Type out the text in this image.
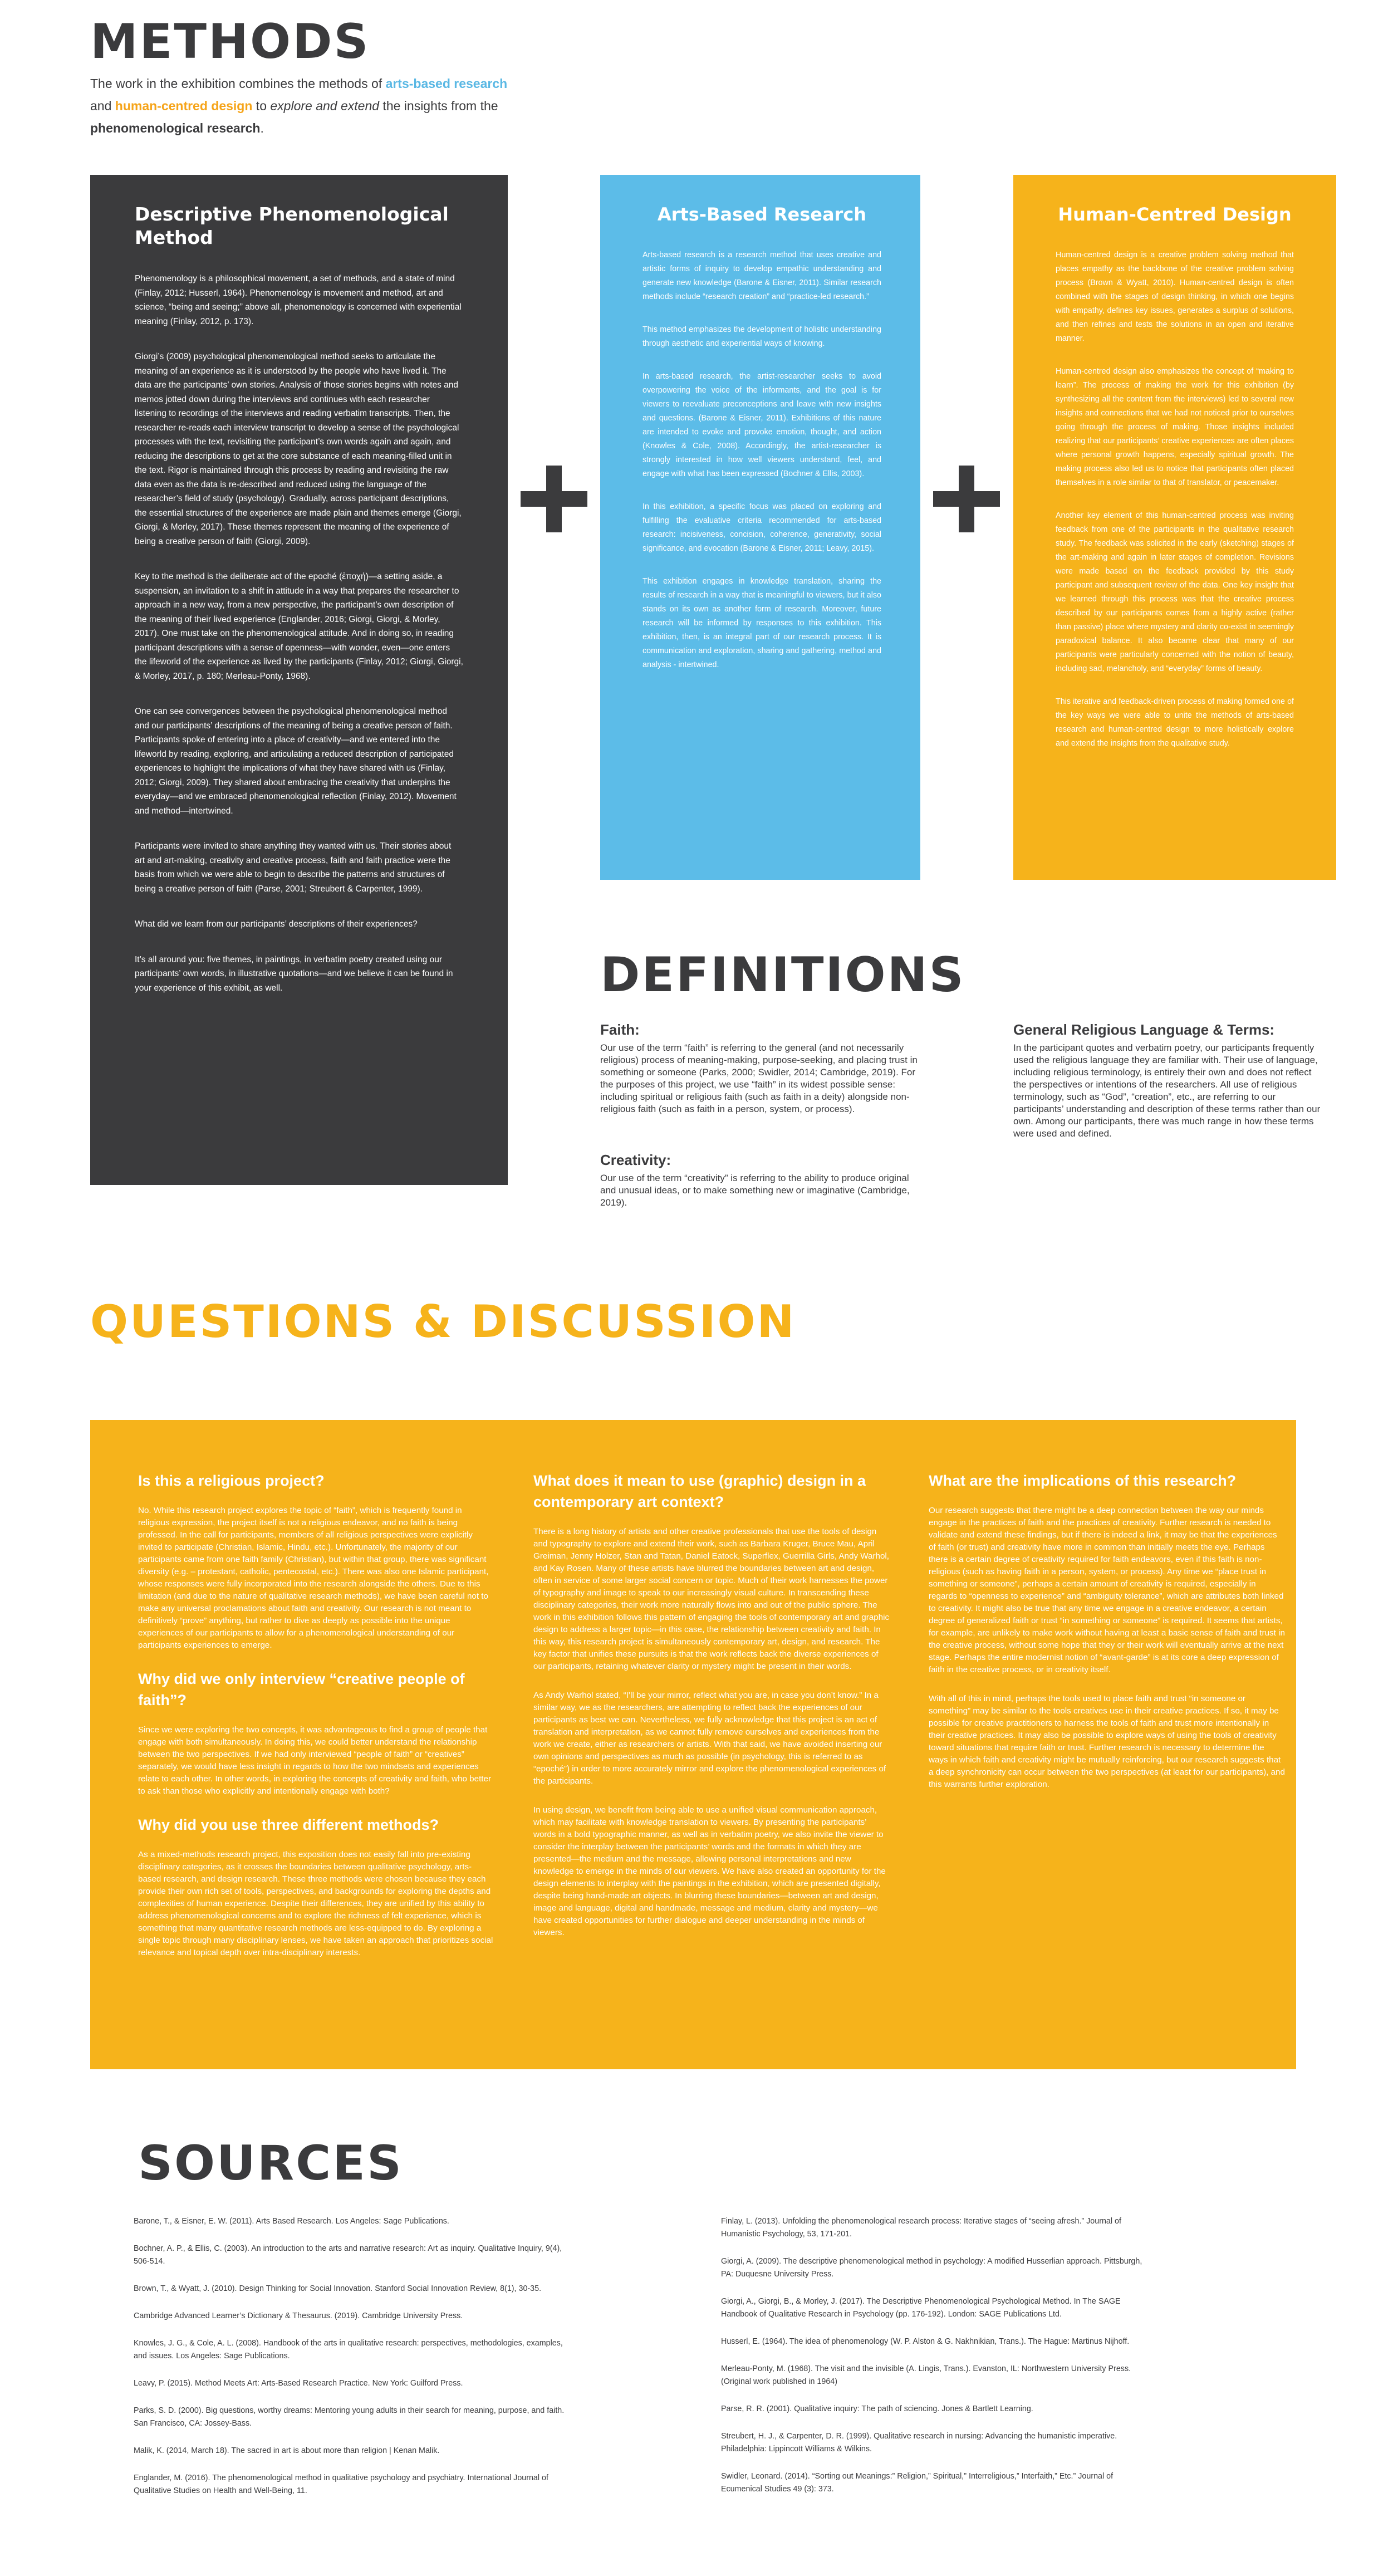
METHODS
The work in the exhibition combines the methods of arts-based research
and human-centred design to explore and extend the insights from the
phenomenological research.
Descriptive Phenomenological Method

Phenomenology is a philosophical movement, a set of methods, and a state of mind (Finlay, 2012; Husserl, 1964). Phenomenology is movement and method, art and science, “being and seeing;” above all, phenomenology is concerned with experiential meaning (Finlay, 2012, p. 173).

Giorgi’s (2009) psychological phenomenological method seeks to articulate the meaning of an experience as it is understood by the people who have lived it. The data are the participants’ own stories. Analysis of those stories begins with notes and memos jotted down during the interviews and continues with each researcher listening to recordings of the interviews and reading verbatim transcripts. Then, the researcher re-reads each interview transcript to develop a sense of the psychological processes with the text, revisiting the participant’s own words again and again, and reducing the descriptions to get at the core substance of each meaning-filled unit in the text. Rigor is maintained through this process by reading and revisiting the raw data even as the data is re-described and reduced using the language of the researcher’s field of study (psychology). Gradually, across participant descriptions, the essential structures of the experience are made plain and themes emerge (Giorgi, Giorgi, & Morley, 2017). These themes represent the meaning of the experience of being a creative person of faith (Giorgi, 2009).

Key to the method is the deliberate act of the epoché (ἐποχή)—a setting aside, a suspension, an invitation to a shift in attitude in a way that prepares the researcher to approach in a new way, from a new perspective, the participant’s own description of the meaning of their lived experience (Englander, 2016; Giorgi, Giorgi, & Morley, 2017). One must take on the phenomenological attitude. And in doing so, in reading participant descriptions with a sense of openness—with wonder, even—one enters the lifeworld of the experience as lived by the participants (Finlay, 2012; Giorgi, Giorgi, & Morley, 2017, p. 180; Merleau-Ponty, 1968).

One can see convergences between the psychological phenomenological method and our participants’ descriptions of the meaning of being a creative person of faith. Participants spoke of entering into a place of creativity—and we entered into the lifeworld by reading, exploring, and articulating a reduced description of participated experiences to highlight the implications of what they have shared with us (Finlay, 2012; Giorgi, 2009). They shared about embracing the creativity that underpins the everyday—and we embraced phenomenological reflection (Finlay, 2012). Movement and method—intertwined.

Participants were invited to share anything they wanted with us. Their stories about art and art-making, creativity and creative process, faith and faith practice were the basis from which we were able to begin to describe the patterns and structures of being a creative person of faith (Parse, 2001; Streubert & Carpenter, 1999).

What did we learn from our participants’ descriptions of their experiences?

It’s all around you: five themes, in paintings, in verbatim poetry created using our participants’ own words, in illustrative quotations—and we believe it can be found in your experience of this exhibit, as well.

Arts-Based Research

Arts-based research is a research method that uses creative and artistic forms of inquiry to develop empathic understanding and generate new knowledge (Barone & Eisner, 2011). Similar research methods include “research creation” and “practice-led research.”

This method emphasizes the development of holistic understanding through aesthetic and experiential ways of knowing.

In arts-based research, the artist-researcher seeks to avoid overpowering the voice of the informants, and the goal is for viewers to reevaluate preconceptions and leave with new insights and questions. (Barone & Eisner, 2011). Exhibitions of this nature are intended to evoke and provoke emotion, thought, and action (Knowles & Cole, 2008). Accordingly, the artist-researcher is strongly interested in how well viewers understand, feel, and engage with what has been expressed (Bochner & Ellis, 2003).

In this exhibition, a specific focus was placed on exploring and fulfilling the evaluative criteria recommended for arts-based research: incisiveness, concision, coherence, generativity, social significance, and evocation (Barone & Eisner, 2011; Leavy, 2015).

This exhibition engages in knowledge translation, sharing the results of research in a way that is meaningful to viewers, but it also stands on its own as another form of research. Moreover, future research will be informed by responses to this exhibition. This exhibition, then, is an integral part of our research process. It is communication and exploration, sharing and gathering, method and analysis - intertwined.

Human-Centred Design

Human-centred design is a creative problem solving method that places empathy as the backbone of the creative problem solving process (Brown & Wyatt, 2010). Human-centred design is often combined with the stages of design thinking, in which one begins with empathy, defines key issues, generates a surplus of solutions, and then refines and tests the solutions in an open and iterative manner.

Human-centred design also emphasizes the concept of “making to learn”. The process of making the work for this exhibition (by synthesizing all the content from the interviews) led to several new insights and connections that we had not noticed prior to ourselves going through the process of making. Those insights included realizing that our participants’ creative experiences are often places where personal growth happens, especially spiritual growth. The making process also led us to notice that participants often placed themselves in a role similar to that of translator, or peacemaker.

Another key element of this human-centred process was inviting feedback from one of the participants in the qualitative research study. The feedback was solicited in the early (sketching) stages of the art-making and again in later stages of completion. Revisions were made based on the feedback provided by this study participant and subsequent review of the data. One key insight that we learned through this process was that the creative process described by our participants comes from a highly active (rather than passive) place where mystery and clarity co-exist in seemingly paradoxical balance. It also became clear that many of our participants were particularly concerned with the notion of beauty, including sad, melancholy, and “everyday” forms of beauty.

This iterative and feedback-driven process of making formed one of the key ways we were able to unite the methods of arts-based research and human-centred design to more holistically explore and extend the insights from the qualitative study.

DEFINITIONS

Faith:

Our use of the term “faith” is referring to the general (and not necessarily religious) process of meaning-making, purpose-seeking, and placing trust in something or someone (Parks, 2000; Swidler, 2014; Cambridge, 2019). For the purposes of this project, we use “faith” in its widest possible sense: including spiritual or religious faith (such as faith in a deity) alongside non-religious faith (such as faith in a person, system, or process).

Creativity:

Our use of the term “creativity” is referring to the ability to produce original and unusual ideas, or to make something new or imaginative (Cambridge, 2019).

General Religious Language & Terms:

In the participant quotes and verbatim poetry, our participants frequently used the religious language they are familiar with. Their use of language, including religious terminology, is entirely their own and does not reflect the perspectives or intentions of the researchers. All use of religious terminology, such as “God”, “creation”, etc., are referring to our participants’ understanding and description of these terms rather than our own. Among our participants, there was much range in how these terms were used and defined.

QUESTIONS & DISCUSSION
Is this a religious project?

No. While this research project explores the topic of “faith”, which is frequently found in religious expression, the project itself is not a religious endeavor, and no faith is being professed. In the call for participants, members of all religious perspectives were explicitly invited to participate (Christian, Islamic, Hindu, etc.). Unfortunately, the majority of our participants came from one faith family (Christian), but within that group, there was significant diversity (e.g. – protestant, catholic, pentecostal, etc.). There was also one Islamic participant, whose responses were fully incorporated into the research alongside the others. Due to this limitation (and due to the nature of qualitative research methods), we have been careful not to make any universal proclamations about faith and creativity. Our research is not meant to definitively “prove” anything, but rather to dive as deeply as possible into the unique experiences of our participants to allow for a phenomenological understanding of our participants experiences to emerge.

Why did we only interview “creative people of faith”?

Since we were exploring the two concepts, it was advantageous to find a group of people that engage with both simultaneously. In doing this, we could better understand the relationship between the two perspectives. If we had only interviewed “people of faith” or “creatives” separately, we would have less insight in regards to how the two mindsets and experiences relate to each other. In other words, in exploring the concepts of creativity and faith, who better to ask than those who explicitly and intentionally engage with both?

Why did you use three different methods?

As a mixed-methods research project, this exposition does not easily fall into pre-existing disciplinary categories, as it crosses the boundaries between qualitative psychology, arts-based research, and design research. These three methods were chosen because they each provide their own rich set of tools, perspectives, and backgrounds for exploring the depths and complexities of human experience. Despite their differences, they are unified by this ability to address phenomenological concerns and to explore the richness of felt experience, which is something that many quantitative research methods are less-equipped to do. By exploring a single topic through many disciplinary lenses, we have taken an approach that prioritizes social relevance and topical depth over intra-disciplinary interests.

What does it mean to use (graphic) design in a contemporary art context?

There is a long history of artists and other creative professionals that use the tools of design and typography to explore and extend their work, such as Barbara Kruger, Bruce Mau, April Greiman, Jenny Holzer, Stan and Tatan, Daniel Eatock, Superflex, Guerrilla Girls, Andy Warhol, and Kay Rosen. Many of these artists have blurred the boundaries between art and design, often in service of some larger social concern or topic. Much of their work harnesses the power of typography and image to speak to our increasingly visual culture. In transcending these disciplinary categories, their work more naturally flows into and out of the public sphere. The work in this exhibition follows this pattern of engaging the tools of contemporary art and graphic design to address a larger topic—in this case, the relationship between creativity and faith. In this way, this research project is simultaneously contemporary art, design, and research. The key factor that unifies these pursuits is that the work reflects back the diverse experiences of our participants, retaining whatever clarity or mystery might be present in their words.

As Andy Warhol stated, “I’ll be your mirror, reflect what you are, in case you don’t know.” In a similar way, we as the researchers, are attempting to reflect back the experiences of our participants as best we can. Nevertheless, we fully acknowledge that this project is an act of translation and interpretation, as we cannot fully remove ourselves and experiences from the work we create, either as researchers or artists. With that said, we have avoided inserting our own opinions and perspectives as much as possible (in psychology, this is referred to as “epoché”) in order to more accurately mirror and explore the phenomenological experiences of the participants.

In using design, we benefit from being able to use a unified visual communication approach, which may facilitate with knowledge translation to viewers. By presenting the participants’ words in a bold typographic manner, as well as in verbatim poetry, we also invite the viewer to consider the interplay between the participants’ words and the formats in which they are presented—the medium and the message, allowing personal interpretations and new knowledge to emerge in the minds of our viewers. We have also created an opportunity for the design elements to interplay with the paintings in the exhibition, which are presented digitally, despite being hand-made art objects. In blurring these boundaries—between art and design, image and language, digital and handmade, message and medium, clarity and mystery—we have created opportunities for further dialogue and deeper understanding in the minds of viewers.

What are the implications of this research?

Our research suggests that there might be a deep connection between the way our minds engage in the practices of faith and the practices of creativity. Further research is needed to validate and extend these findings, but if there is indeed a link, it may be that the experiences of faith (or trust) and creativity have more in common than initially meets the eye. Perhaps there is a certain degree of creativity required for faith endeavors, even if this faith is non-religious (such as having faith in a person, system, or process). Any time we “place trust in something or someone”, perhaps a certain amount of creativity is required, especially in regards to “openness to experience” and “ambiguity tolerance”, which are attributes both linked to creativity. It might also be true that any time we engage in a creative endeavor, a certain degree of generalized faith or trust “in something or someone” is required. It seems that artists, for example, are unlikely to make work without having at least a basic sense of faith and trust in the creative process, without some hope that they or their work will eventually arrive at the next stage. Perhaps the entire modernist notion of “avant-garde” is at its core a deep expression of faith in the creative process, or in creativity itself.

With all of this in mind, perhaps the tools used to place faith and trust “in someone or something” may be similar to the tools creatives use in their creative practices. If so, it may be possible for creative practitioners to harness the tools of faith and trust more intentionally in their creative practices. It may also be possible to explore ways of using the tools of creativity toward situations that require faith or trust. Further research is necessary to determine the ways in which faith and creativity might be mutually reinforcing, but our research suggests that a deep synchronicity can occur between the two perspectives (at least for our participants), and this warrants further exploration.

SOURCES

Barone, T., & Eisner, E. W. (2011). Arts Based Research. Los Angeles: Sage Publications.

Bochner, A. P., & Ellis, C. (2003). An introduction to the arts and narrative research: Art as inquiry. Qualitative Inquiry, 9(4), 506-514.

Brown, T., & Wyatt, J. (2010). Design Thinking for Social Innovation. Stanford Social Innovation Review, 8(1), 30-35.

Cambridge Advanced Learner’s Dictionary & Thesaurus. (2019). Cambridge University Press.

Knowles, J. G., & Cole, A. L. (2008). Handbook of the arts in qualitative research: perspectives, methodologies, examples, and issues. Los Angeles: Sage Publications.

Leavy, P. (2015). Method Meets Art: Arts-Based Research Practice. New York: Guilford Press.

Parks, S. D. (2000). Big questions, worthy dreams: Mentoring young adults in their search for meaning, purpose, and faith. San Francisco, CA: Jossey-Bass.

Malik, K. (2014, March 18). The sacred in art is about more than religion | Kenan Malik.

Englander, M. (2016). The phenomenological method in qualitative psychology and psychiatry. International Journal of Qualitative Studies on Health and Well-Being, 11.

Finlay, L. (2013). Unfolding the phenomenological research process: Iterative stages of “seeing afresh.” Journal of Humanistic Psychology, 53, 171-201.

Giorgi, A. (2009). The descriptive phenomenological method in psychology: A modified Husserlian approach. Pittsburgh, PA: Duquesne University Press.

Giorgi, A., Giorgi, B., & Morley, J. (2017). The Descriptive Phenomenological Psychological Method. In The SAGE Handbook of Qualitative Research in Psychology (pp. 176-192). London: SAGE Publications Ltd.

Husserl, E. (1964). The idea of phenomenology (W. P. Alston & G. Nakhnikian, Trans.). The Hague: Martinus Nijhoff.

Merleau-Ponty, M. (1968). The visit and the invisible (A. Lingis, Trans.). Evanston, IL: Northwestern University Press. (Original work published in 1964)

Parse, R. R. (2001). Qualitative inquiry: The path of sciencing. Jones & Bartlett Learning.

Streubert, H. J., & Carpenter, D. R. (1999). Qualitative research in nursing: Advancing the humanistic imperative. Philadelphia: Lippincott Williams & Wilkins.

Swidler, Leonard. (2014). “Sorting out Meanings:” Religion,” Spiritual,” Interreligious,” Interfaith,” Etc.” Journal of Ecumenical Studies 49 (3): 373.
